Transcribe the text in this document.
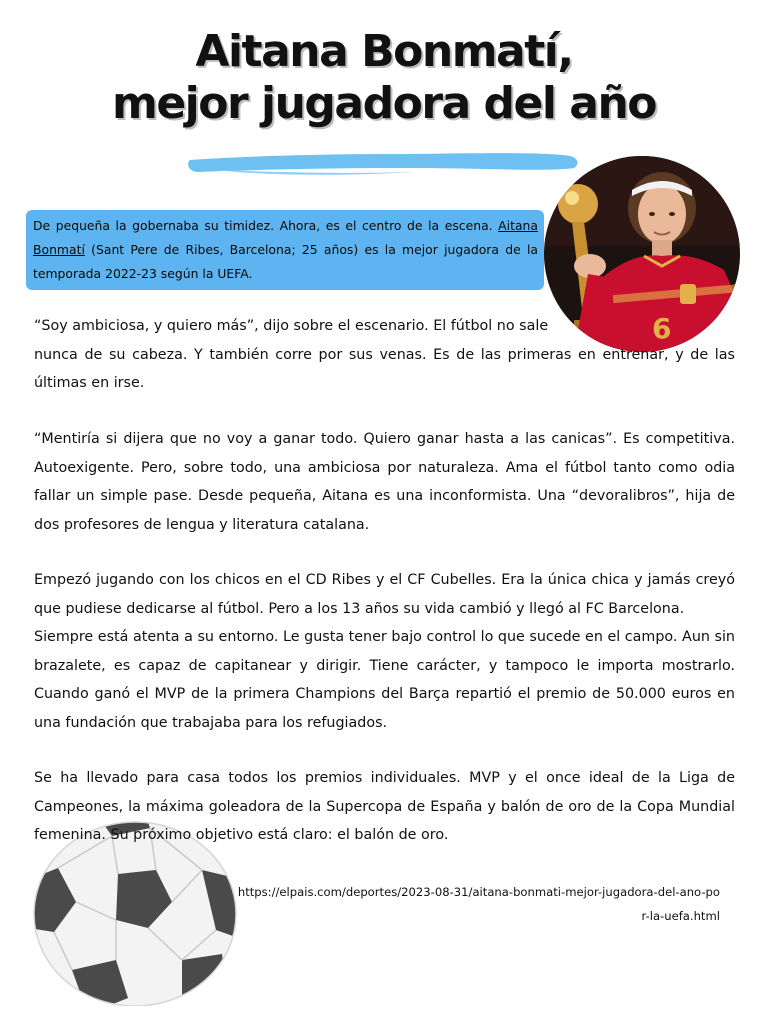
Aitana Bonmatí,
mejor jugadora del año
6
De pequeña la gobernaba su timidez. Ahora, es el centro de la escena. Aitana Bonmatí (Sant Pere de Ribes, Barcelona; 25 años) es la mejor jugadora de la temporada 2022-23 según la UEFA.
“Soy ambiciosa, y quiero más”, dijo sobre el escenario. El fútbol no sale
nunca de su cabeza. Y también corre por sus venas. Es de las primeras en entrenar, y de las últimas en irse.

“Mentiría si dijera que no voy a ganar todo. Quiero ganar hasta a las canicas”. Es competitiva. Autoexigente. Pero, sobre todo, una ambiciosa por naturaleza. Ama el fútbol tanto como odia fallar un simple pase. Desde pequeña, Aitana es una inconformista. Una “devoralibros”, hija de dos profesores de lengua y literatura catalana.

Empezó jugando con los chicos en el CD Ribes y el CF Cubelles. Era la única chica y jamás creyó que pudiese dedicarse al fútbol. Pero a los 13 años su vida cambió y llegó al FC Barcelona.
Siempre está atenta a su entorno. Le gusta tener bajo control lo que sucede en el campo. Aun sin brazalete, es capaz de capitanear y dirigir. Tiene carácter, y tampoco le importa mostrarlo. Cuando ganó el MVP de la primera Champions del Barça repartió el premio de 50.000 euros en una fundación que trabajaba para los refugiados.

Se ha llevado para casa todos los premios individuales. MVP y el once ideal de la Liga de Campeones, la máxima goleadora de la Supercopa de España y balón de oro de la Copa Mundial femenina. Su próximo objetivo está claro: el balón de oro.

https://elpais.com/deportes/2023-08-31/aitana-bonmati-mejor-jugadora-del-ano-por-la-uefa.html
